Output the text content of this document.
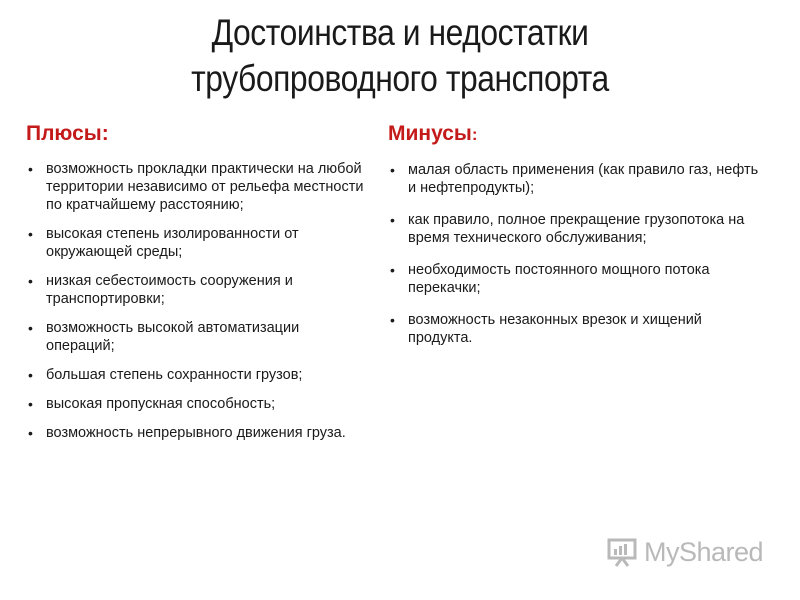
Достоинства и недостатки
трубопроводного транспорта
Плюсы:
• возможность прокладки практически на любой территории независимо от рельефа местности по кратчайшему расстоянию;
• высокая степень изолированности от окружающей среды;
• низкая себестоимость сооружения и транспортировки;
• возможность высокой автоматизации операций;
• большая степень сохранности грузов;
• высокая пропускная способность;
• возможность непрерывного движения груза.
Минусы:
• малая область применения (как правило газ, нефть и нефтепродукты);
• как правило, полное прекращение грузопотока на время технического обслуживания;
• необходимость постоянного мощного потока перекачки;
• возможность незаконных врезок и хищений продукта.
MyShared
